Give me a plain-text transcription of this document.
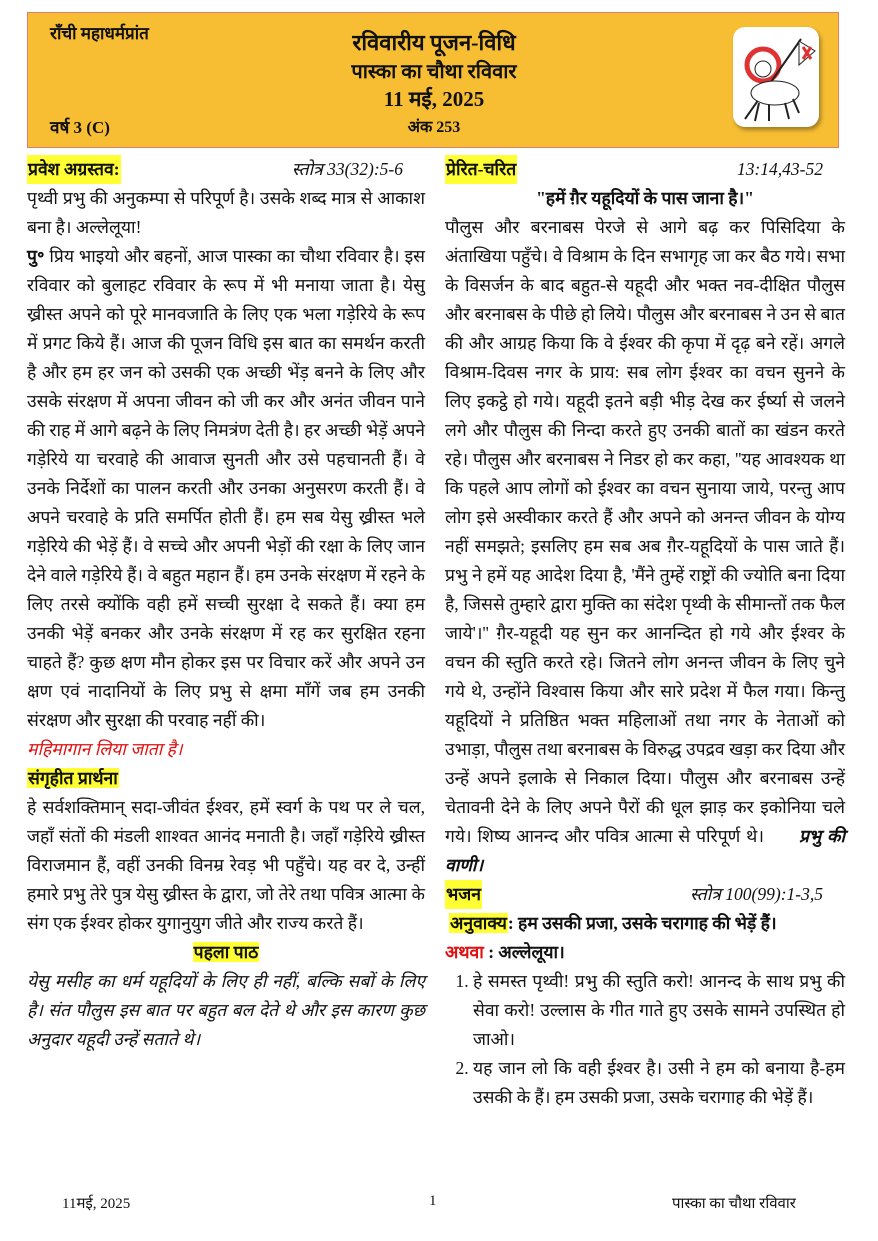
राँची महाधर्मप्रांत	रविवारीय पूजन-विधि
पास्का का चौथा रविवार
11 मई, 2025
वर्ष 3 (C)	अंक 253
प्रवेश अग्रस्तव:	स्तोत्र 33(32):5-6

पृथ्वी प्रभु की अनुकम्पा से परिपूर्ण है। उसके शब्द मात्र से आकाश बना है। अल्लेलूया!

पु॰ प्रिय भाइयो और बहनों, आज पास्का का चौथा रविवार है। इस रविवार को बुलाहट रविवार के रूप में भी मनाया जाता है। येसु ख्रीस्त अपने को पूरे मानवजाति के लिए एक भला गड़ेरिये के रूप में प्रगट किये हैं। आज की पूजन विधि इस बात का समर्थन करती है और हम हर जन को उसकी एक अच्छी भेंड़ बनने के लिए और उसके संरक्षण में अपना जीवन को जी कर और अनंत जीवन पाने की राह में आगे बढ़ने के लिए निमत्रंण देती है। हर अच्छी भेड़ें अपने गड़ेरिये या चरवाहे की आवाज सुनती और उसे पहचानती हैं। वे उनके निर्देशों का पालन करती और उनका अनुसरण करती हैं। वे अपने चरवाहे के प्रति समर्पित होती हैं। हम सब येसु ख्रीस्त भले गड़ेरिये की भेड़ें हैं। वे सच्चे और अपनी भेड़ों की रक्षा के लिए जान देने वाले गड़ेरिये हैं। वे बहुत महान हैं। हम उनके संरक्षण में रहने के लिए तरसे क्योंकि वही हमें सच्ची सुरक्षा दे सकते हैं। क्या हम उनकी भेड़ें बनकर और उनके संरक्षण में रह कर सुरक्षित रहना चाहते हैं? कुछ क्षण मौन होकर इस पर विचार करें और अपने उन क्षण एवं नादानियों के लिए प्रभु से क्षमा माँगें जब हम उनकी संरक्षण और सुरक्षा की परवाह नहीं की।

महिमागान लिया जाता है।

संगृहीत प्रार्थना

हे सर्वशक्तिमान् सदा-जीवंत ईश्वर, हमें स्वर्ग के पथ पर ले चल, जहाँ संतों की मंडली शाश्वत आनंद मनाती है। जहाँ गड़ेरिये ख्रीस्त विराजमान हैं, वहीं उनकी विनम्र रेवड़ भी पहुँचे। यह वर दे, उन्हीं हमारे प्रभु तेरे पुत्र येसु ख्रीस्त के द्वारा, जो तेरे तथा पवित्र आत्मा के संग एक ईश्वर होकर युगानुयुग जीते और राज्य करते हैं।

पहला पाठ

येसु मसीह का धर्म यहूदियों के लिए ही नहीं, बल्कि सबों के लिए है। संत पौलुस इस बात पर बहुत बल देते थे और इस कारण कुछ अनुदार यहूदी उन्हें सताते थे।

प्रेरित-चरित	13:14,43-52
"हमें ग़ैर यहूदियों के पास जाना है।"

पौलुस और बरनाबस पेरजे से आगे बढ़ कर पिसिदिया के अंताखिया पहुँचे। वे विश्राम के दिन सभागृह जा कर बैठ गये। सभा के विसर्जन के बाद बहुत-से यहूदी और भक्त नव-दीक्षित पौलुस और बरनाबस के पीछे हो लिये। पौलुस और बरनाबस ने उन से बात की और आग्रह किया कि वे ईश्वर की कृपा में दृढ़ बने रहें। अगले विश्राम-दिवस नगर के प्राय: सब लोग ईश्वर का वचन सुनने के लिए इकट्ठे हो गये। यहूदी इतने बड़ी भीड़ देख कर ईर्ष्या से जलने लगे और पौलुस की निन्दा करते हुए उनकी बातों का खंडन करते रहे। पौलुस और बरनाबस ने निडर हो कर कहा, ''यह आवश्यक था कि पहले आप लोगों को ईश्वर का वचन सुनाया जाये, परन्तु आप लोग इसे अस्वीकार करते हैं और अपने को अनन्त जीवन के योग्य नहीं समझते; इसलिए हम सब अब ग़ैर-यहूदियों के पास जाते हैं। प्रभु ने हमें यह आदेश दिया है, 'मैंने तुम्हें राष्ट्रों की ज्योति बना दिया है, जिससे तुम्हारे द्वारा मुक्ति का संदेश पृथ्वी के सीमान्तों तक फैल जाये'।'' ग़ैर-यहूदी यह सुन कर आनन्दित हो गये और ईश्वर के वचन की स्तुति करते रहे। जितने लोग अनन्त जीवन के लिए चुने गये थे, उन्होंने विश्वास किया और सारे प्रदेश में फैल गया। किन्तु यहूदियों ने प्रतिष्ठित भक्त महिलाओं तथा नगर के नेताओं को उभाड़ा, पौलुस तथा बरनाबस के विरुद्ध उपद्रव खड़ा कर दिया और उन्हें अपने इलाके से निकाल दिया। पौलुस और बरनाबस उन्हें चेतावनी देने के लिए अपने पैरों की धूल झाड़ कर इकोनिया चले गये। शिष्य आनन्द और पवित्र आत्मा से परिपूर्ण थे। प्रभु की वाणी।

भजन	स्तोत्र 100(99):1-3,5
अनुवाक्य: हम उसकी प्रजा, उसके चरागाह की भेड़ें हैं।
अथवा : अल्लेलूया।
1. हे समस्त पृथ्वी! प्रभु की स्तुति करो! आनन्द के साथ प्रभु की सेवा करो! उल्लास के गीत गाते हुए उसके सामने उपस्थित हो जाओ।
2. यह जान लो कि वही ईश्वर है। उसी ने हम को बनाया है-हम उसकी के हैं। हम उसकी प्रजा, उसके चरागाह की भेड़ें हैं।
11मई, 2025	1	पास्का का चौथा रविवार
